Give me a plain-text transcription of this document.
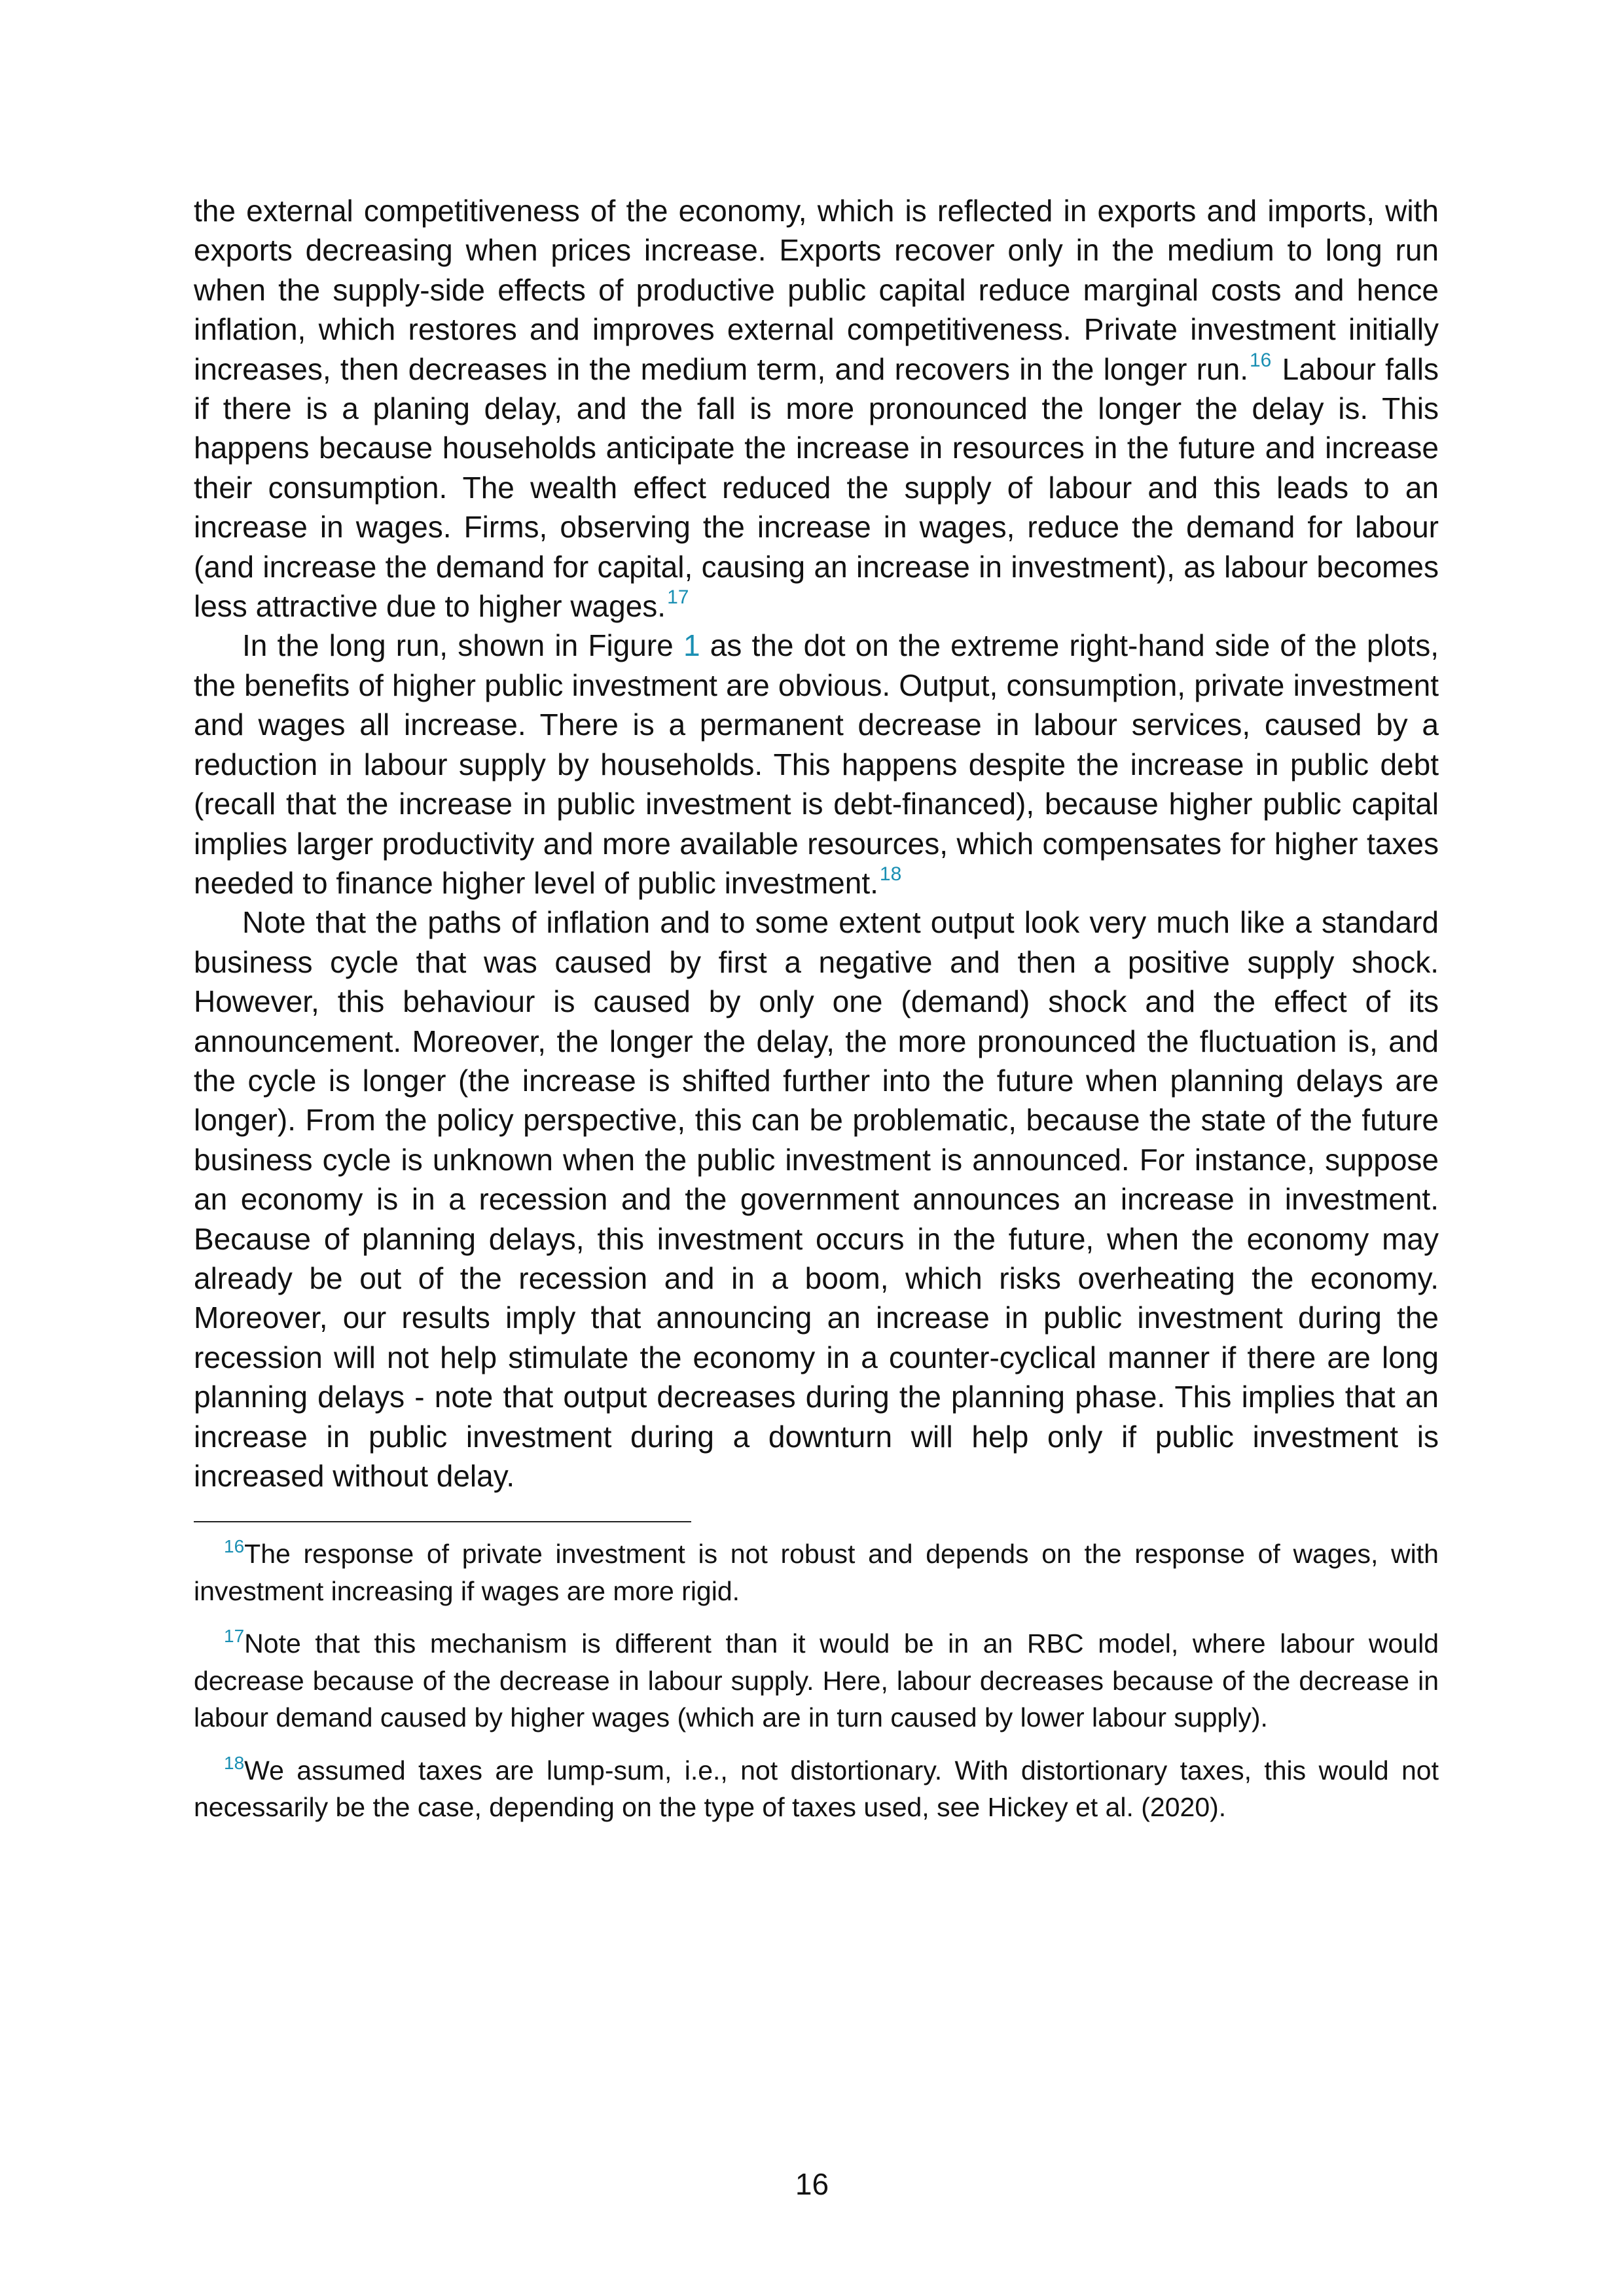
the external competitiveness of the economy, which is reflected in exports and imports, with exports decreasing when prices increase. Exports recover only in the medium to long run when the supply-side effects of productive public capital reduce marginal costs and hence inflation, which restores and improves external competitiveness. Private investment initially increases, then decreases in the medium term, and recovers in the longer run.$^{16}$ Labour falls if there is a planing delay, and the fall is more pronounced the longer the delay is. This happens because households anticipate the increase in resources in the future and increase their consumption. The wealth effect reduced the supply of labour and this leads to an increase in wages. Firms, observing the increase in wages, reduce the demand for labour (and increase the demand for capital, causing an increase in investment), as labour becomes less attractive due to higher wages.$^{17}$

In the long run, shown in Figure 1 as the dot on the extreme right-hand side of the plots, the benefits of higher public investment are obvious. Output, consumption, private investment and wages all increase. There is a permanent decrease in labour services, caused by a reduction in labour supply by households. This happens despite the increase in public debt (recall that the increase in public investment is debt-financed), because higher public capital implies larger productivity and more available resources, which compensates for higher taxes needed to finance higher level of public investment.$^{18}$

Note that the paths of inflation and to some extent output look very much like a standard business cycle that was caused by first a negative and then a positive supply shock. However, this behaviour is caused by only one (demand) shock and the effect of its announcement. Moreover, the longer the delay, the more pronounced the fluctuation is, and the cycle is longer (the increase is shifted further into the future when planning delays are longer). From the policy perspective, this can be problematic, because the state of the future business cycle is unknown when the public investment is announced. For instance, suppose an economy is in a recession and the government announces an increase in investment. Because of planning delays, this investment occurs in the future, when the economy may already be out of the recession and in a boom, which risks overheating the economy. Moreover, our results imply that announcing an increase in public investment during the recession will not help stimulate the economy in a counter-cyclical manner if there are long planning delays - note that output decreases during the planning phase. This implies that an increase in public investment during a downturn will help only if public investment is increased without delay.

$^{16}$The response of private investment is not robust and depends on the response of wages, with investment increasing if wages are more rigid.

$^{17}$Note that this mechanism is different than it would be in an RBC model, where labour would decrease because of the decrease in labour supply. Here, labour decreases because of the decrease in labour demand caused by higher wages (which are in turn caused by lower labour supply).

$^{18}$We assumed taxes are lump-sum, i.e., not distortionary. With distortionary taxes, this would not necessarily be the case, depending on the type of taxes used, see Hickey et al. (2020).

16
